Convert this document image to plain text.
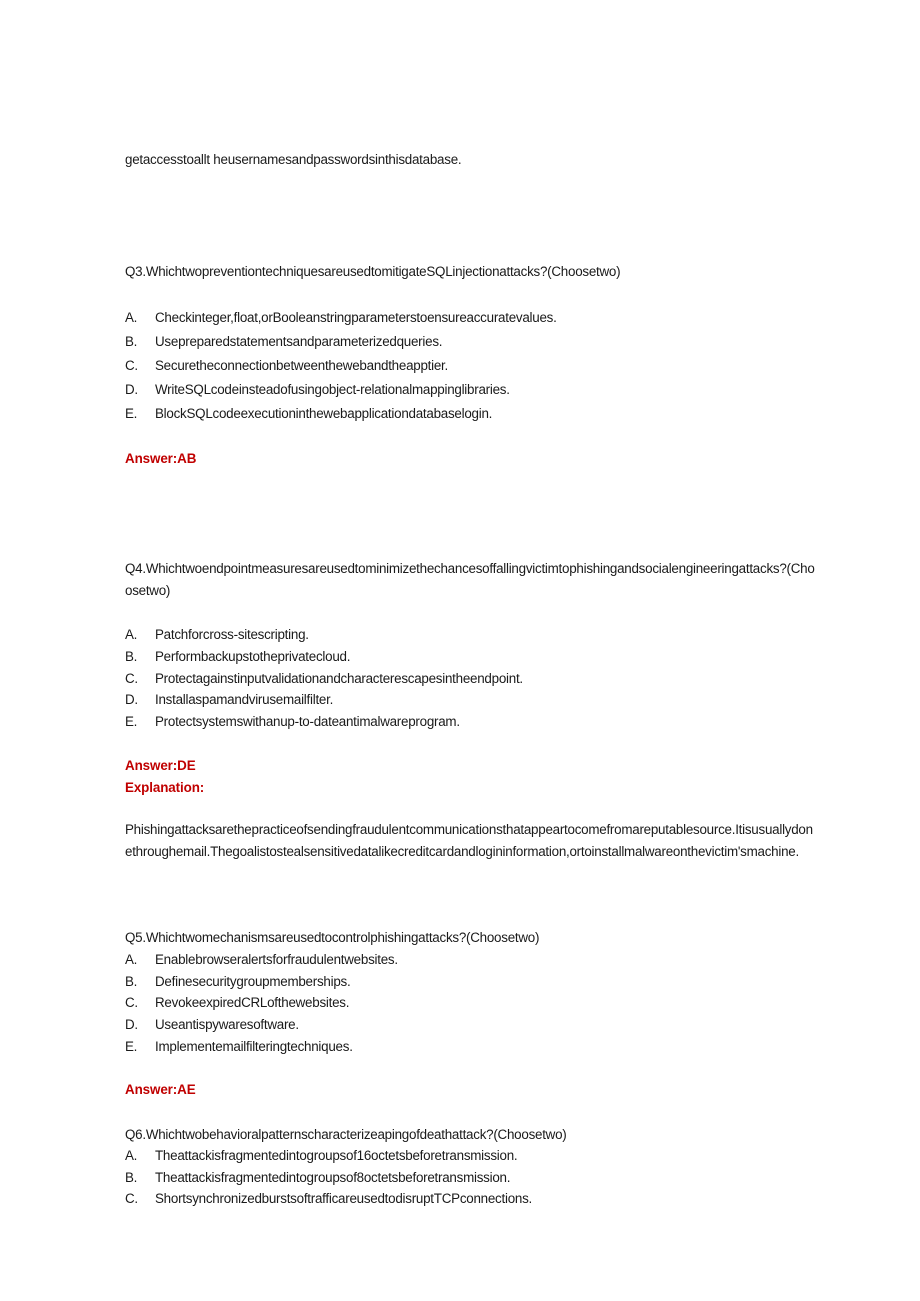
getaccesstoallt heusernamesandpasswordsinthisdatabase.
Q3.WhichtwopreventiontechniquesareusedtomitigateSQLinjectionattacks?(Choosetwo)
A. Checkinteger,float,orBooleanstringparameterstoensureaccuratevalues.
B. Usepreparedstatementsandparameterizedqueries.
C. Securetheconnectionbetweenthewebandtheapptier.
D. WriteSQLcodeinsteadofusingobject-relationalmappinglibraries.
E. BlockSQLcodeexecutioninthewebapplicationdatabaselogin.
Answer:AB
Q4.Whichtwoendpointmeasuresareusedtominimizethechancesoffallingvictimtophishingandsocialengineeringattacks?(Choosetwo)
A. Patchforcross-sitescripting.
B. Performbackupstotheprivatecloud.
C. Protectagainstinputvalidationandcharacterescapesintheendpoint.
D. Installaspamandvirusemailfilter.
E. Protectsystemswithanup-to-dateantimalwareprogram.
Answer:DE
Explanation:
Phishingattacksarethepracticeofsendingfraudulentcommunicationsthatappeartocomefromareputablesource.Itisusuallydonethroughemail.Thegoalistostealsensitivedatalikecreditcardandlogininformation,ortoinstallmalwareonthevictim'smachine.
Q5.Whichtwomechanismsareusedtocontrolphishingattacks?(Choosetwo)
A. Enablebrowseralertsforfraudulentwebsites.
B. Definesecuritygroupmemberships.
C. RevokeexpiredCRLofthewebsites.
D. Useantispywaresoftware.
E. Implementemailfilteringtechniques.
Answer:AE
Q6.Whichtwobehavioralpatternscharacterizeapingofdeathattack?(Choosetwo)
A. Theattackisfragmentedintogroupsof16octetsbeforetransmission.
B. Theattackisfragmentedintogroupsof8octetsbeforetransmission.
C. ShortsynchronizedburstsoftrafficareusedtodisruptTCPconnections.
